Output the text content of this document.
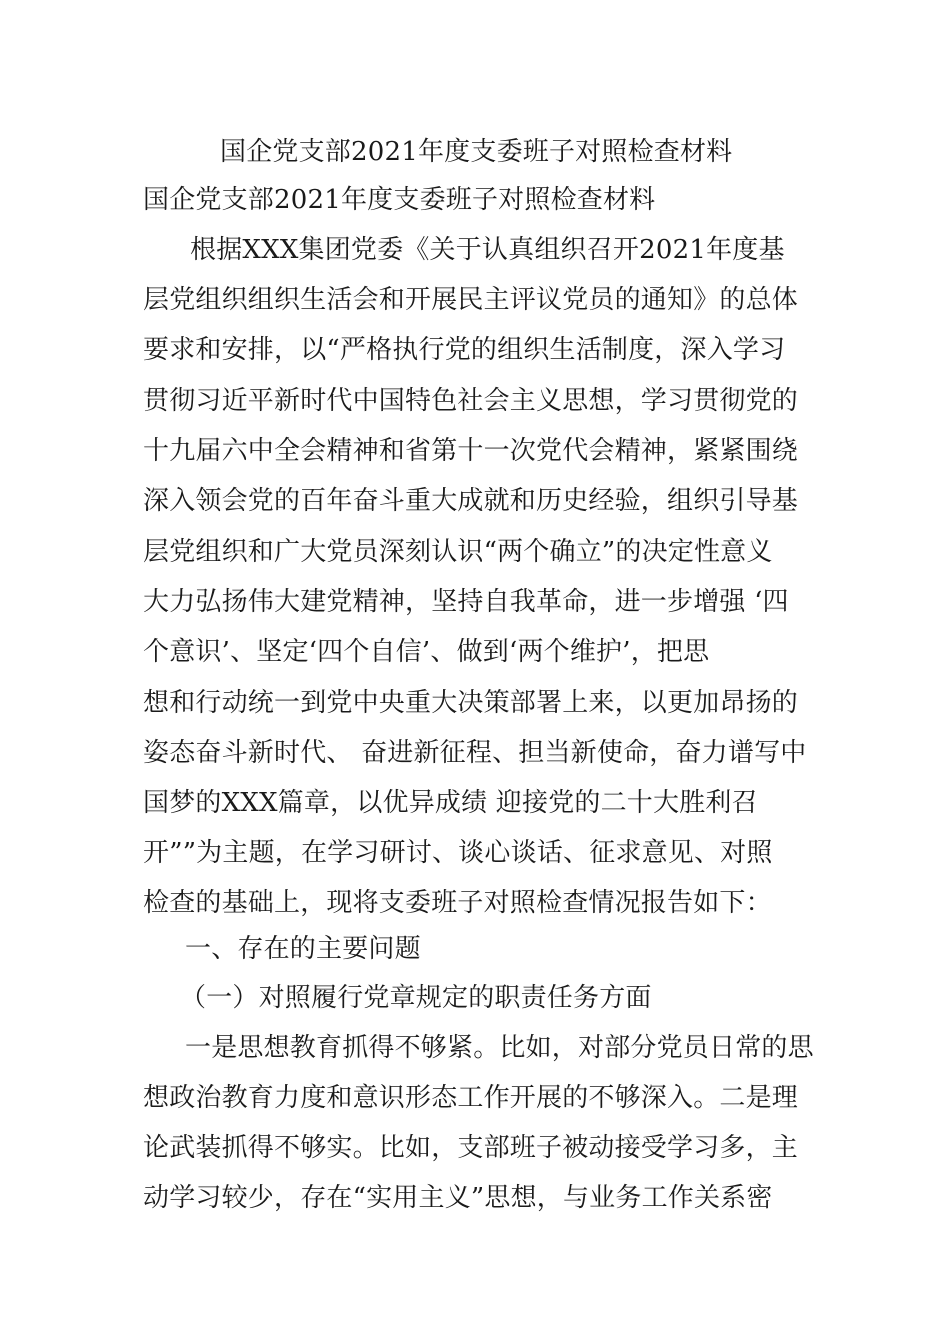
国企党支部2021年度支委班子对照检查材料
国企党支部2021年度支委班子对照检查材料
根据XXX集团党委《关于认真组织召开2021年度基
层党组织组织生活会和开展民主评议党员的通知》的总体
要求和安排，以“严格执行党的组织生活制度，深入学习
贯彻习近平新时代中国特色社会主义思想，学习贯彻党的
十九届六中全会精神和省第十一次党代会精神，紧紧围绕
深入领会党的百年奋斗重大成就和历史经验，组织引导基
层党组织和广大党员深刻认识“两个确立”的决定性意义
大力弘扬伟大建党精神，坚持自我革命，进一步增强 ‘四
个意识’、坚定‘四个自信’、做到‘两个维护’，把思
想和行动统一到党中央重大决策部署上来，以更加昂扬的
姿态奋斗新时代、 奋进新征程、担当新使命，奋力谱写中
国梦的XXX篇章，以优异成绩 迎接党的二十大胜利召
开””为主题，在学习研讨、谈心谈话、征求意见、对照
检查的基础上，现将支委班子对照检查情况报告如下：
一、存在的主要问题
（一）对照履行党章规定的职责任务方面
一是思想教育抓得不够紧。比如，对部分党员日常的思
想政治教育力度和意识形态工作开展的不够深入。二是理
论武装抓得不够实。比如，支部班子被动接受学习多，主
动学习较少，存在“实用主义”思想，与业务工作关系密
